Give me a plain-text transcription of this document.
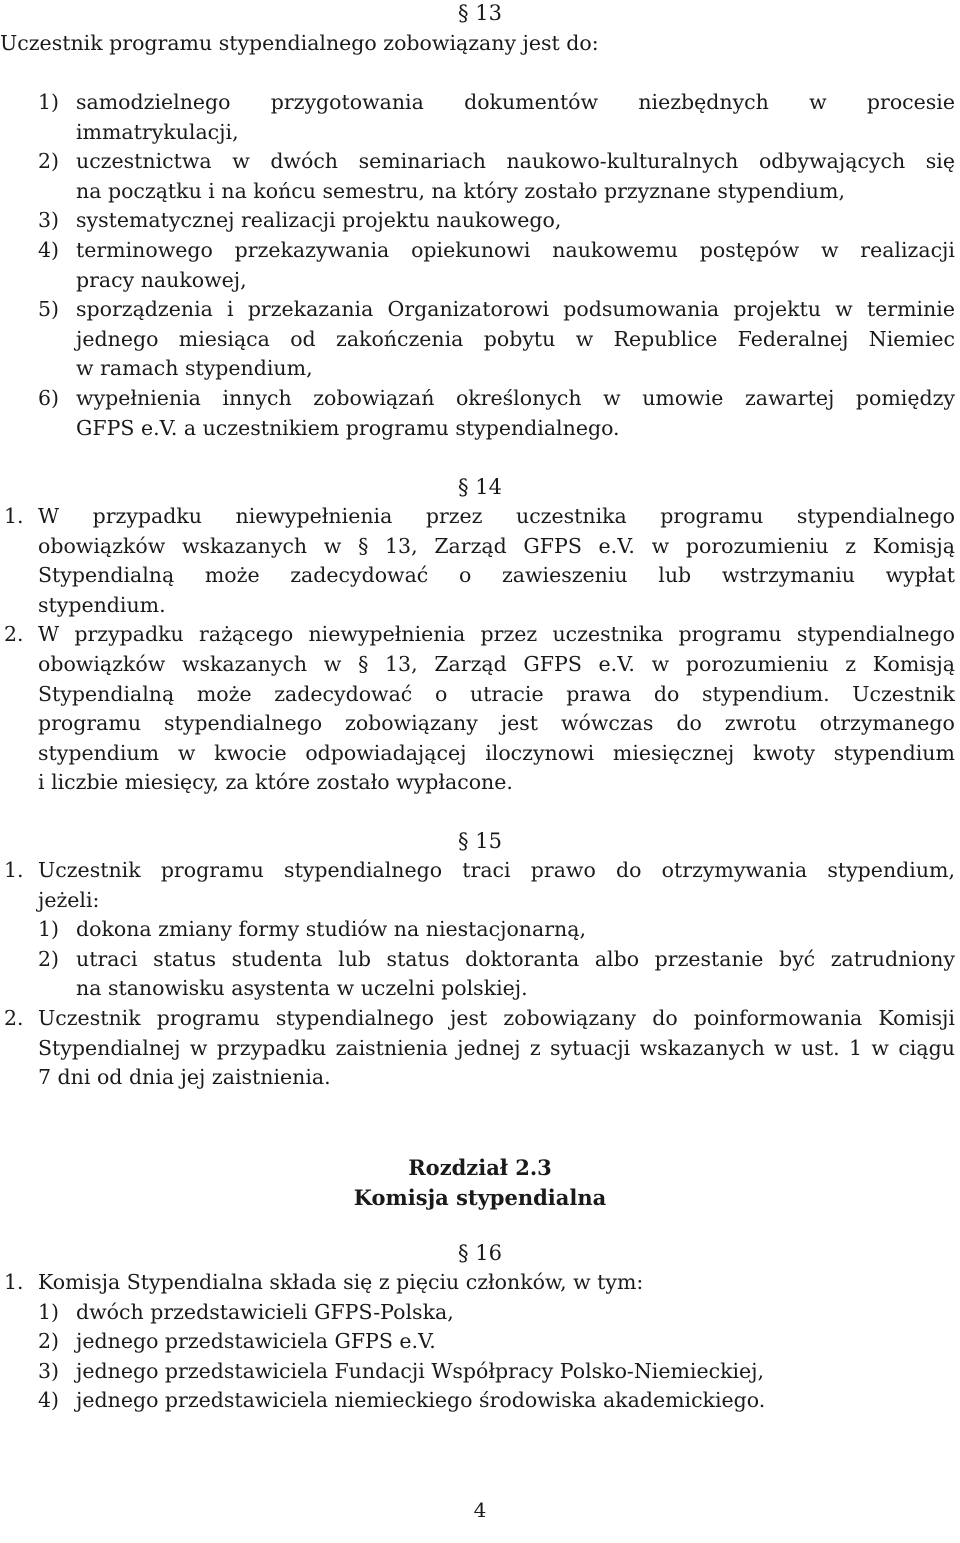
§ 13
Uczestnik programu stypendialnego zobowiązany jest do:
1) samodzielnego przygotowania dokumentów niezbędnych w procesie
immatrykulacji,
2) uczestnictwa w dwóch seminariach naukowo-kulturalnych odbywających się
na początku i na końcu semestru, na który zostało przyznane stypendium,
3) systematycznej realizacji projektu naukowego,
4) terminowego przekazywania opiekunowi naukowemu postępów w realizacji
pracy naukowej,
5) sporządzenia i przekazania Organizatorowi podsumowania projektu w terminie
jednego miesiąca od zakończenia pobytu w Republice Federalnej Niemiec
w ramach stypendium,
6) wypełnienia innych zobowiązań określonych w umowie zawartej pomiędzy
GFPS e.V. a uczestnikiem programu stypendialnego.
§ 14
1. W przypadku niewypełnienia przez uczestnika programu stypendialnego
obowiązków wskazanych w § 13, Zarząd GFPS e.V. w porozumieniu z Komisją
Stypendialną może zadecydować o zawieszeniu lub wstrzymaniu wypłat
stypendium.
2. W przypadku rażącego niewypełnienia przez uczestnika programu stypendialnego
obowiązków wskazanych w § 13, Zarząd GFPS e.V. w porozumieniu z Komisją
Stypendialną może zadecydować o utracie prawa do stypendium. Uczestnik
programu stypendialnego zobowiązany jest wówczas do zwrotu otrzymanego
stypendium w kwocie odpowiadającej iloczynowi miesięcznej kwoty stypendium
i liczbie miesięcy, za które zostało wypłacone.
§ 15
1. Uczestnik programu stypendialnego traci prawo do otrzymywania stypendium,
jeżeli:
1) dokona zmiany formy studiów na niestacjonarną,
2) utraci status studenta lub status doktoranta albo przestanie być zatrudniony
na stanowisku asystenta w uczelni polskiej.
2. Uczestnik programu stypendialnego jest zobowiązany do poinformowania Komisji
Stypendialnej w przypadku zaistnienia jednej z sytuacji wskazanych w ust. 1 w ciągu
7 dni od dnia jej zaistnienia.
Rozdział 2.3
Komisja stypendialna
§ 16
1. Komisja Stypendialna składa się z pięciu członków, w tym:
1) dwóch przedstawicieli GFPS-Polska,
2) jednego przedstawiciela GFPS e.V.
3) jednego przedstawiciela Fundacji Współpracy Polsko-Niemieckiej,
4) jednego przedstawiciela niemieckiego środowiska akademickiego.
4
